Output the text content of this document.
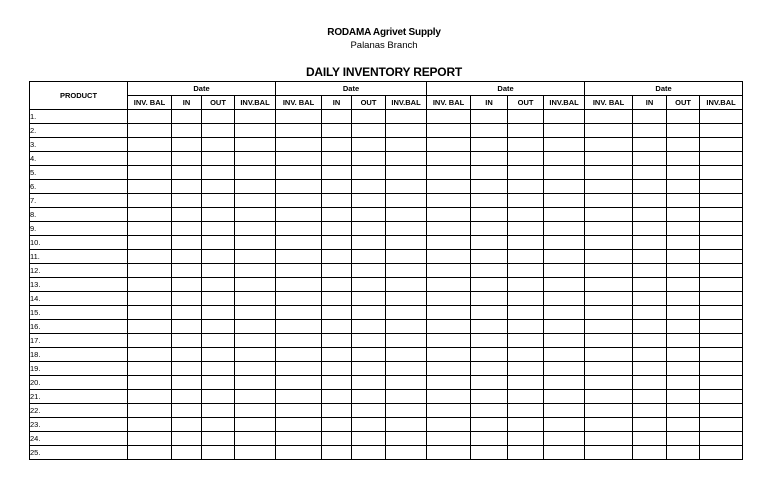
RODAMA Agrivet Supply
Palanas Branch
DAILY INVENTORY REPORT
PRODUCT	Date				Date				Date				Date			
	INV. BAL	IN	OUT	INV.BAL	INV. BAL	IN	OUT	INV.BAL	INV. BAL	IN	OUT	INV.BAL	INV. BAL	IN	OUT	INV.BAL
1.																
2.																
3.																
4.																
5.																
6.																
7.																
8.																
9.																
10.																
11.																
12.																
13.																
14.																
15.																
16.																
17.																
18.																
19.																
20.																
21.																
22.																
23.																
24.																
25.																
